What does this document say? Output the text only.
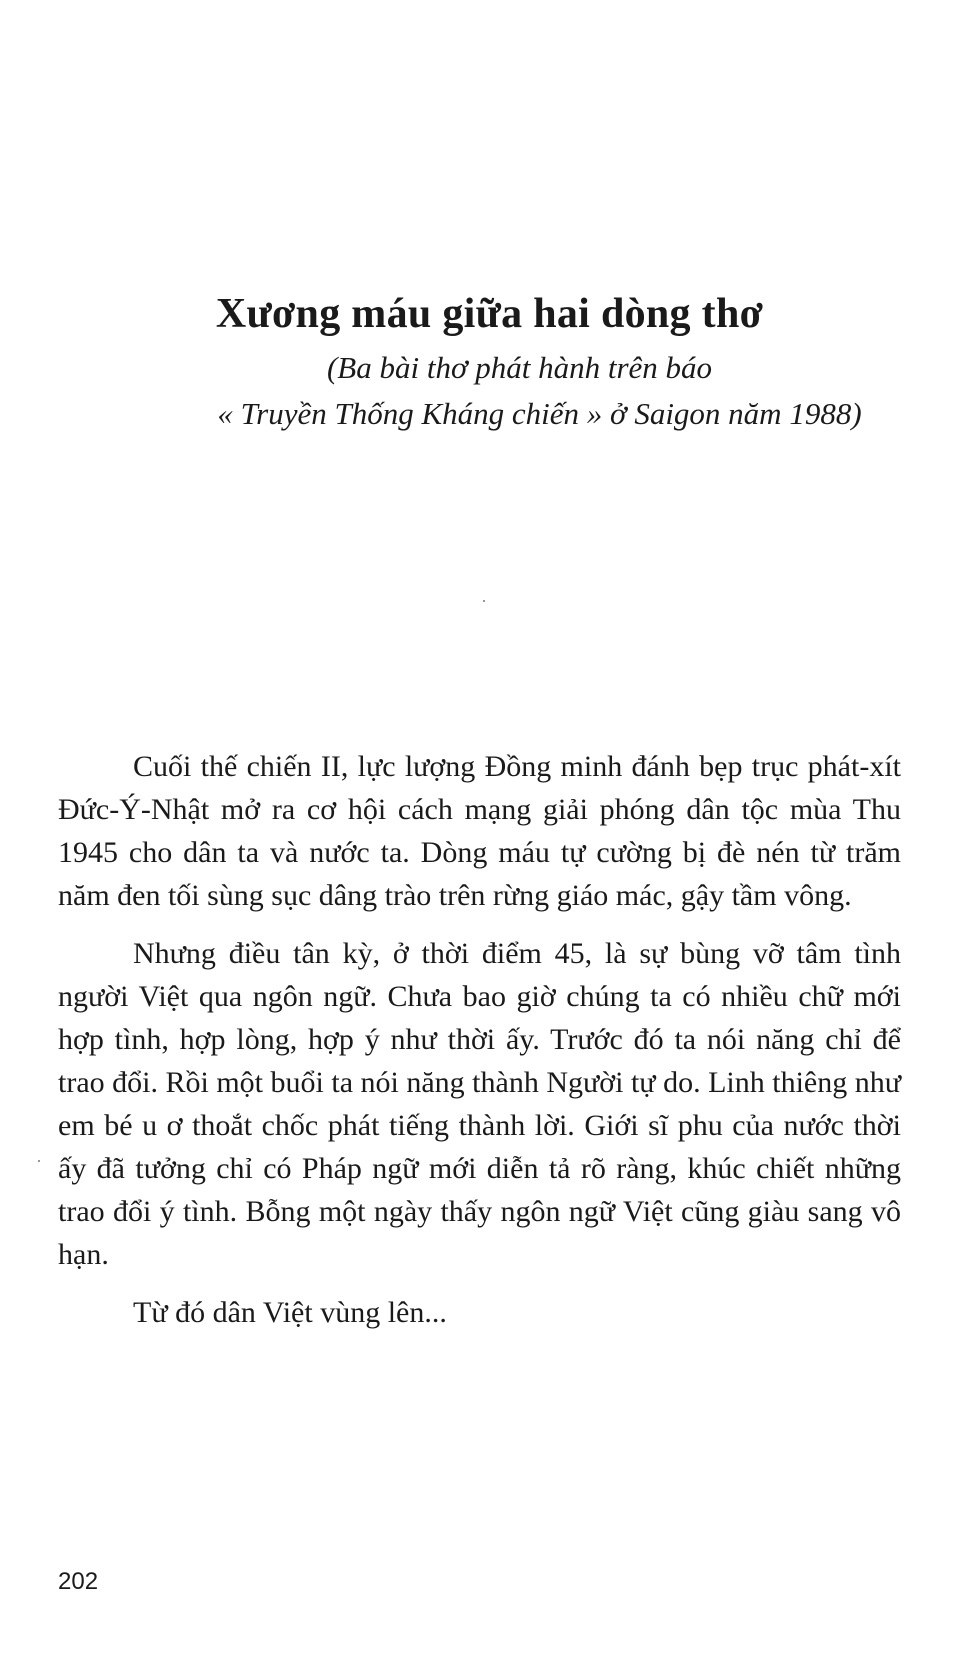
Xương máu giữa hai dòng thơ

(Ba bài thơ phát hành trên báo

« Truyền Thống Kháng chiến » ở Saigon năm 1988)

Cuối thế chiến II, lực lượng Đồng minh đánh bẹp trục phát-xít Đức-Ý-Nhật mở ra cơ hội cách mạng giải phóng dân tộc mùa Thu 1945 cho dân ta và nước ta. Dòng máu tự cường bị đè nén từ trăm năm đen tối sùng sục dâng trào trên rừng giáo mác, gậy tầm vông.

Nhưng điều tân kỳ, ở thời điểm 45, là sự bùng vỡ tâm tình người Việt qua ngôn ngữ. Chưa bao giờ chúng ta có nhiều chữ mới hợp tình, hợp lòng, hợp ý như thời ấy. Trước đó ta nói năng chỉ để trao đổi. Rồi một buổi ta nói năng thành Người tự do. Linh thiêng như em bé u ơ thoắt chốc phát tiếng thành lời. Giới sĩ phu của nước thời ấy đã tưởng chỉ có Pháp ngữ mới diễn tả rõ ràng, khúc chiết những trao đổi ý tình. Bỗng một ngày thấy ngôn ngữ Việt cũng giàu sang vô hạn.

Từ đó dân Việt vùng lên...

202
